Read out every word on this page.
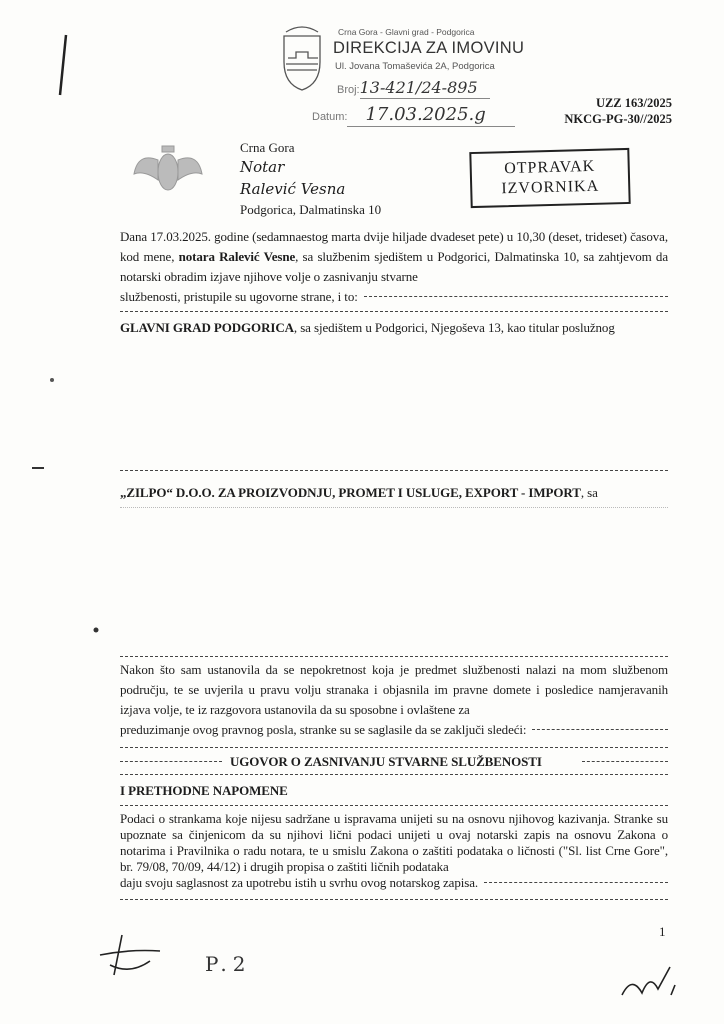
Crna Gora - Glavni grad - Podgorica
DIREKCIJA ZA IMOVINU
Ul. Jovana Tomaševića 2A, Podgorica
Broj: 13-421/24-895
Datum:	17.03.2025.g
UZZ 163/2025
NKCG-PG-30//2025
Crna Gora
Notar
Ralević Vesna
Podgorica, Dalmatinska 10
OTPRAVAK
IZVORNIKA
Dana 17.03.2025. godine (sedamnaestog marta dvije hiljade dvadeset pete) u 10,30 (deset, trideset) časova, kod mene, notara Ralević Vesne, sa službenim sjedištem u Podgorici, Dalmatinska 10, sa zahtjevom da notarski obradim izjave njihove volje o zasnivanju stvarne
službenosti, pristupile su ugovorne strane, i to:
GLAVNI GRAD PODGORICA , sa sjedištem u Podgorici, Njegoševa 13, kao titular poslužnog
„ZILPO“ D.O.O. ZA PROIZVODNJU, PROMET I USLUGE, EXPORT - IMPORT , sa
Nakon što sam ustanovila da se nepokretnost koja je predmet službenosti nalazi na mom službenom području, te se uvjerila u pravu volju stranaka i objasnila im pravne domete i posledice namjeravanih izjava volje, te iz razgovora ustanovila da su sposobne i ovlaštene za
preduzimanje ovog pravnog posla, stranke su se saglasile da se zaključi sledeći:
UGOVOR O ZASNIVANJU STVARNE SLUŽBENOSTI
I PRETHODNE NAPOMENE
Podaci o strankama koje nijesu sadržane u ispravama unijeti su na osnovu njihovog kazivanja. Stranke su upoznate sa činjenicom da su njihovi lični podaci unijeti u ovaj notarski zapis na osnovu Zakona o notarima i Pravilnika o radu notara, te u smislu Zakona o zaštiti podataka o ličnosti ("Sl. list Crne Gore", br. 79/08, 70/09, 44/12) i drugih propisa o zaštiti ličnih podataka
daju svoju saglasnost za upotrebu istih u svrhu ovog notarskog zapisa.
1
P.2
